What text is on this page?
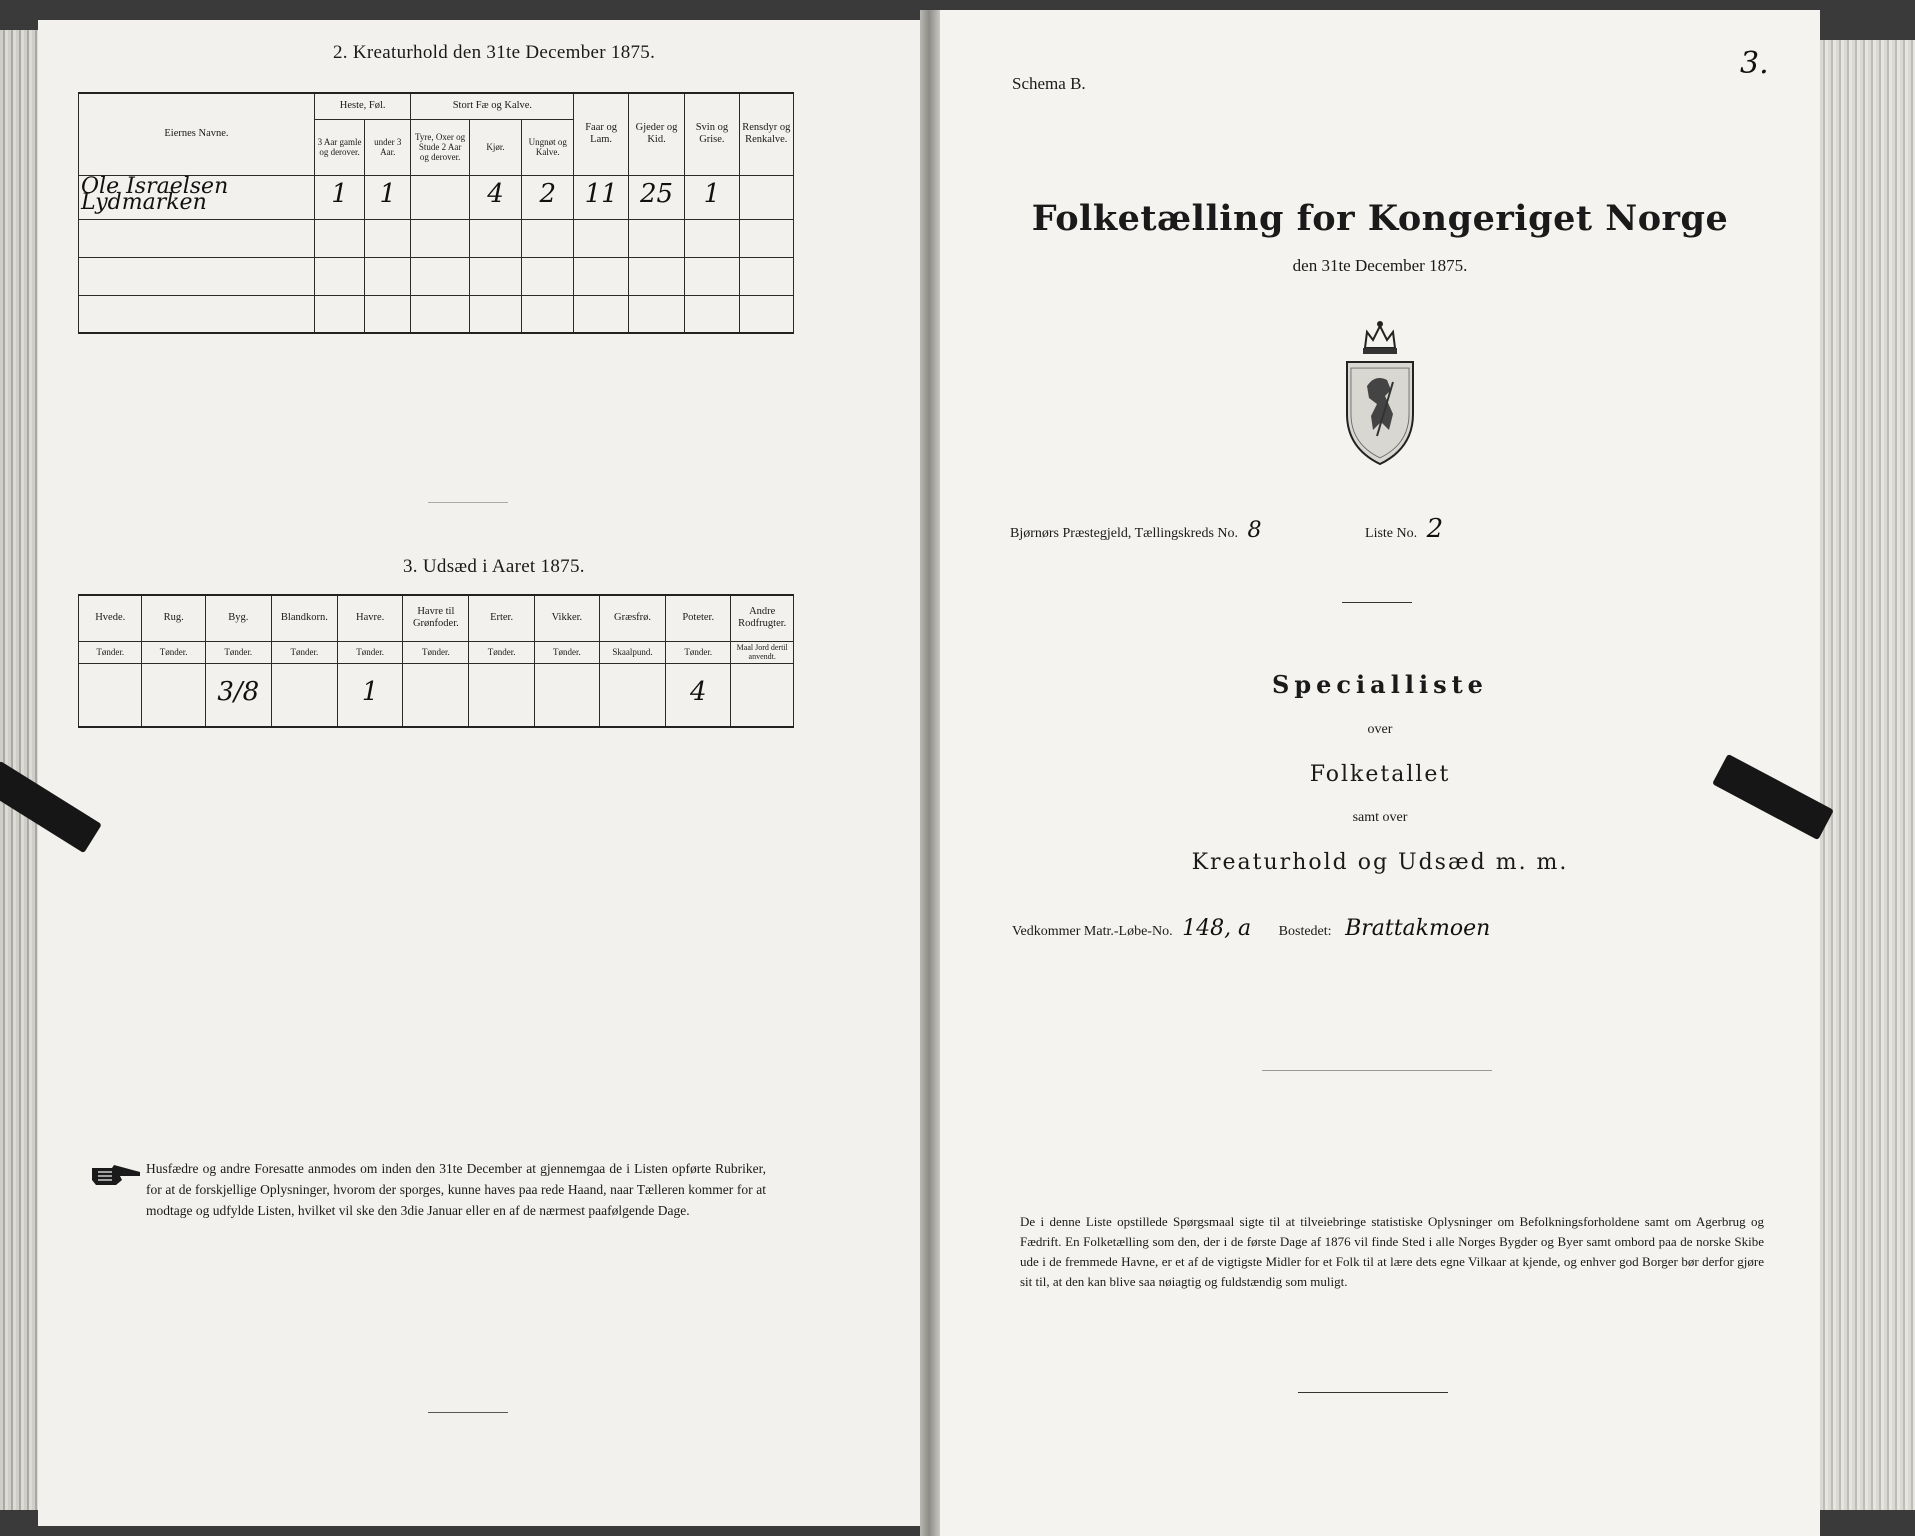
2. Kreaturhold den 31te December 1875.
Eiernes Navne.	Heste, Føl.		Stort Fæ og Kalve.			Faar og Lam.	Gjeder og Kid.	Svin og Grise.	Rensdyr og Renkalve.
	3 Aar gamle og derover.	under 3 Aar.	Tyre, Oxer og Stude 2 Aar og derover.	Kjør.	Ungnøt og Kalve.				
Ole Israelsen Lydmarken	1	1		4	2	11	25	1	

3. Udsæd i Aaret 1875.
Hvede.	Rug.	Byg.	Blandkorn.	Havre.	Havre til Grønfoder.	Erter.	Vikker.	Græsfrø.	Poteter.	Andre Rodfrugter.
Tønder.	Tønder.	Tønder.	Tønder.	Tønder.	Tønder.	Tønder.	Tønder.	Skaalpund.	Tønder.	Maal Jord dertil anvendt.
		3/8		1					4	
Husfædre og andre Foresatte anmodes om inden den 31te December at gjennemgaa de i Listen opførte Rubriker, for at de forskjellige Oplysninger, hvorom der sporges, kunne haves paa rede Haand, naar Tælleren kommer for at modtage og udfylde Listen, hvilket vil ske den 3die Januar eller en af de nærmest paafølgende Dage.
3.
Schema B.
Folketælling for Kongeriget Norge
den 31te December 1875.
Bjørnørs Præstegjeld, Tællingskreds No. 8	Liste No. 2
Specialliste
over
Folketallet
samt over
Kreaturhold og Udsæd m. m.
Vedkommer Matr.-Løbe-No. 148, a Bostedet: Brattakmoen
De i denne Liste opstillede Spørgsmaal sigte til at tilveiebringe statistiske Oplysninger om Befolkningsforholdene samt om Agerbrug og Fædrift. En Folketælling som den, der i de første Dage af 1876 vil finde Sted i alle Norges Bygder og Byer samt ombord paa de norske Skibe ude i de fremmede Havne, er et af de vigtigste Midler for et Folk til at lære dets egne Vilkaar at kjende, og enhver god Borger bør derfor gjøre sit til, at den kan blive saa nøiagtig og fuldstændig som muligt.
